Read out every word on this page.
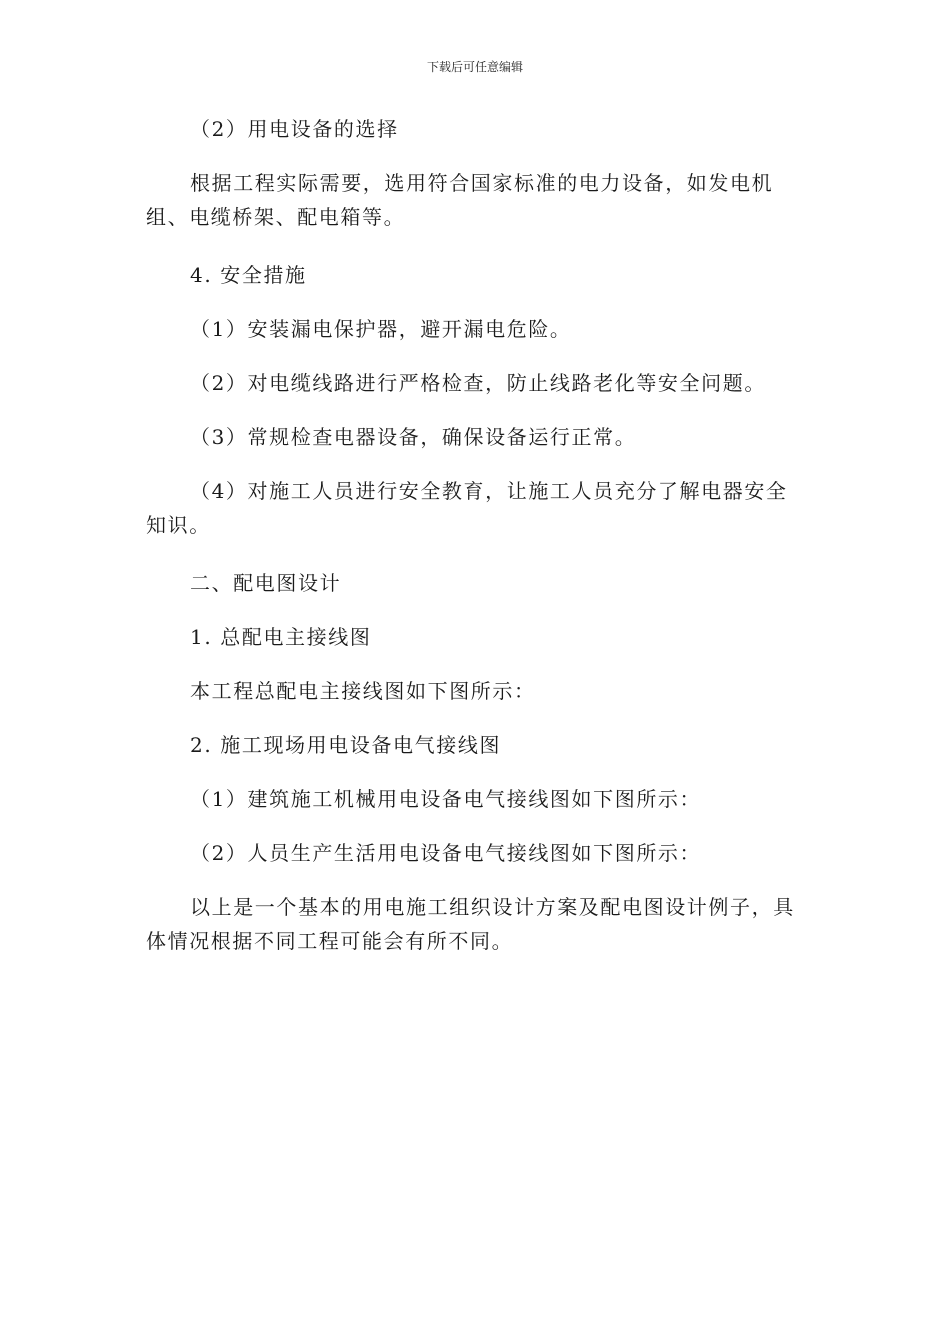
下载后可任意编辑
（2）用电设备的选择
根据工程实际需要，选用符合国家标准的电力设备，如发电机组、电缆桥架、配电箱等。
4. 安全措施
（1）安装漏电保护器，避开漏电危险。
（2）对电缆线路进行严格检查，防止线路老化等安全问题。
（3）常规检查电器设备，确保设备运行正常。
（4）对施工人员进行安全教育，让施工人员充分了解电器安全知识。
二、配电图设计
1. 总配电主接线图
本工程总配电主接线图如下图所示：
2. 施工现场用电设备电气接线图
（1）建筑施工机械用电设备电气接线图如下图所示：
（2）人员生产生活用电设备电气接线图如下图所示：
以上是一个基本的用电施工组织设计方案及配电图设计例子，具体情况根据不同工程可能会有所不同。
